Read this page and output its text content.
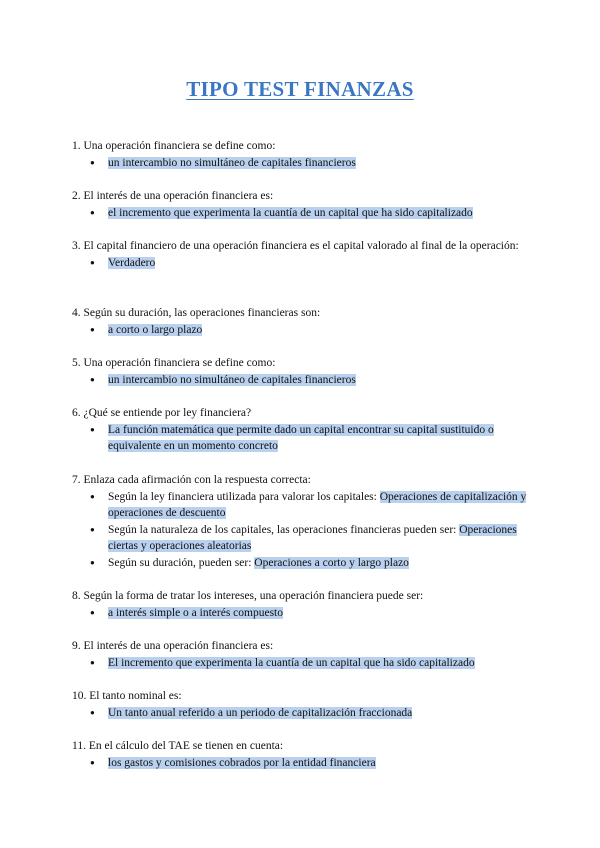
TIPO TEST FINANZAS
1. Una operación financiera se define como:
● un intercambio no simultáneo de capitales financieros
2. El interés de una operación financiera es:
● el incremento que experimenta la cuantía de un capital que ha sido capitalizado
3. El capital financiero de una operación financiera es el capital valorado al final de la operación:
● Verdadero
4. Según su duración, las operaciones financieras son:
● a corto o largo plazo
5. Una operación financiera se define como:
● un intercambio no simultáneo de capitales financieros
6. ¿Qué se entiende por ley financiera?
● La función matemática que permite dado un capital encontrar su capital sustituido o equivalente en un momento concreto
7. Enlaza cada afirmación con la respuesta correcta:
● Según la ley financiera utilizada para valorar los capitales: Operaciones de capitalización y operaciones de descuento
● Según la naturaleza de los capitales, las operaciones financieras pueden ser: Operaciones ciertas y operaciones aleatorias
● Según su duración, pueden ser: Operaciones a corto y largo plazo
8. Según la forma de tratar los intereses, una operación financiera puede ser:
● a interés simple o a interés compuesto
9. El interés de una operación financiera es:
● El incremento que experimenta la cuantía de un capital que ha sido capitalizado
10. El tanto nominal es:
● Un tanto anual referido a un periodo de capitalización fraccionada
11. En el cálculo del TAE se tienen en cuenta:
● los gastos y comisiones cobrados por la entidad financiera
